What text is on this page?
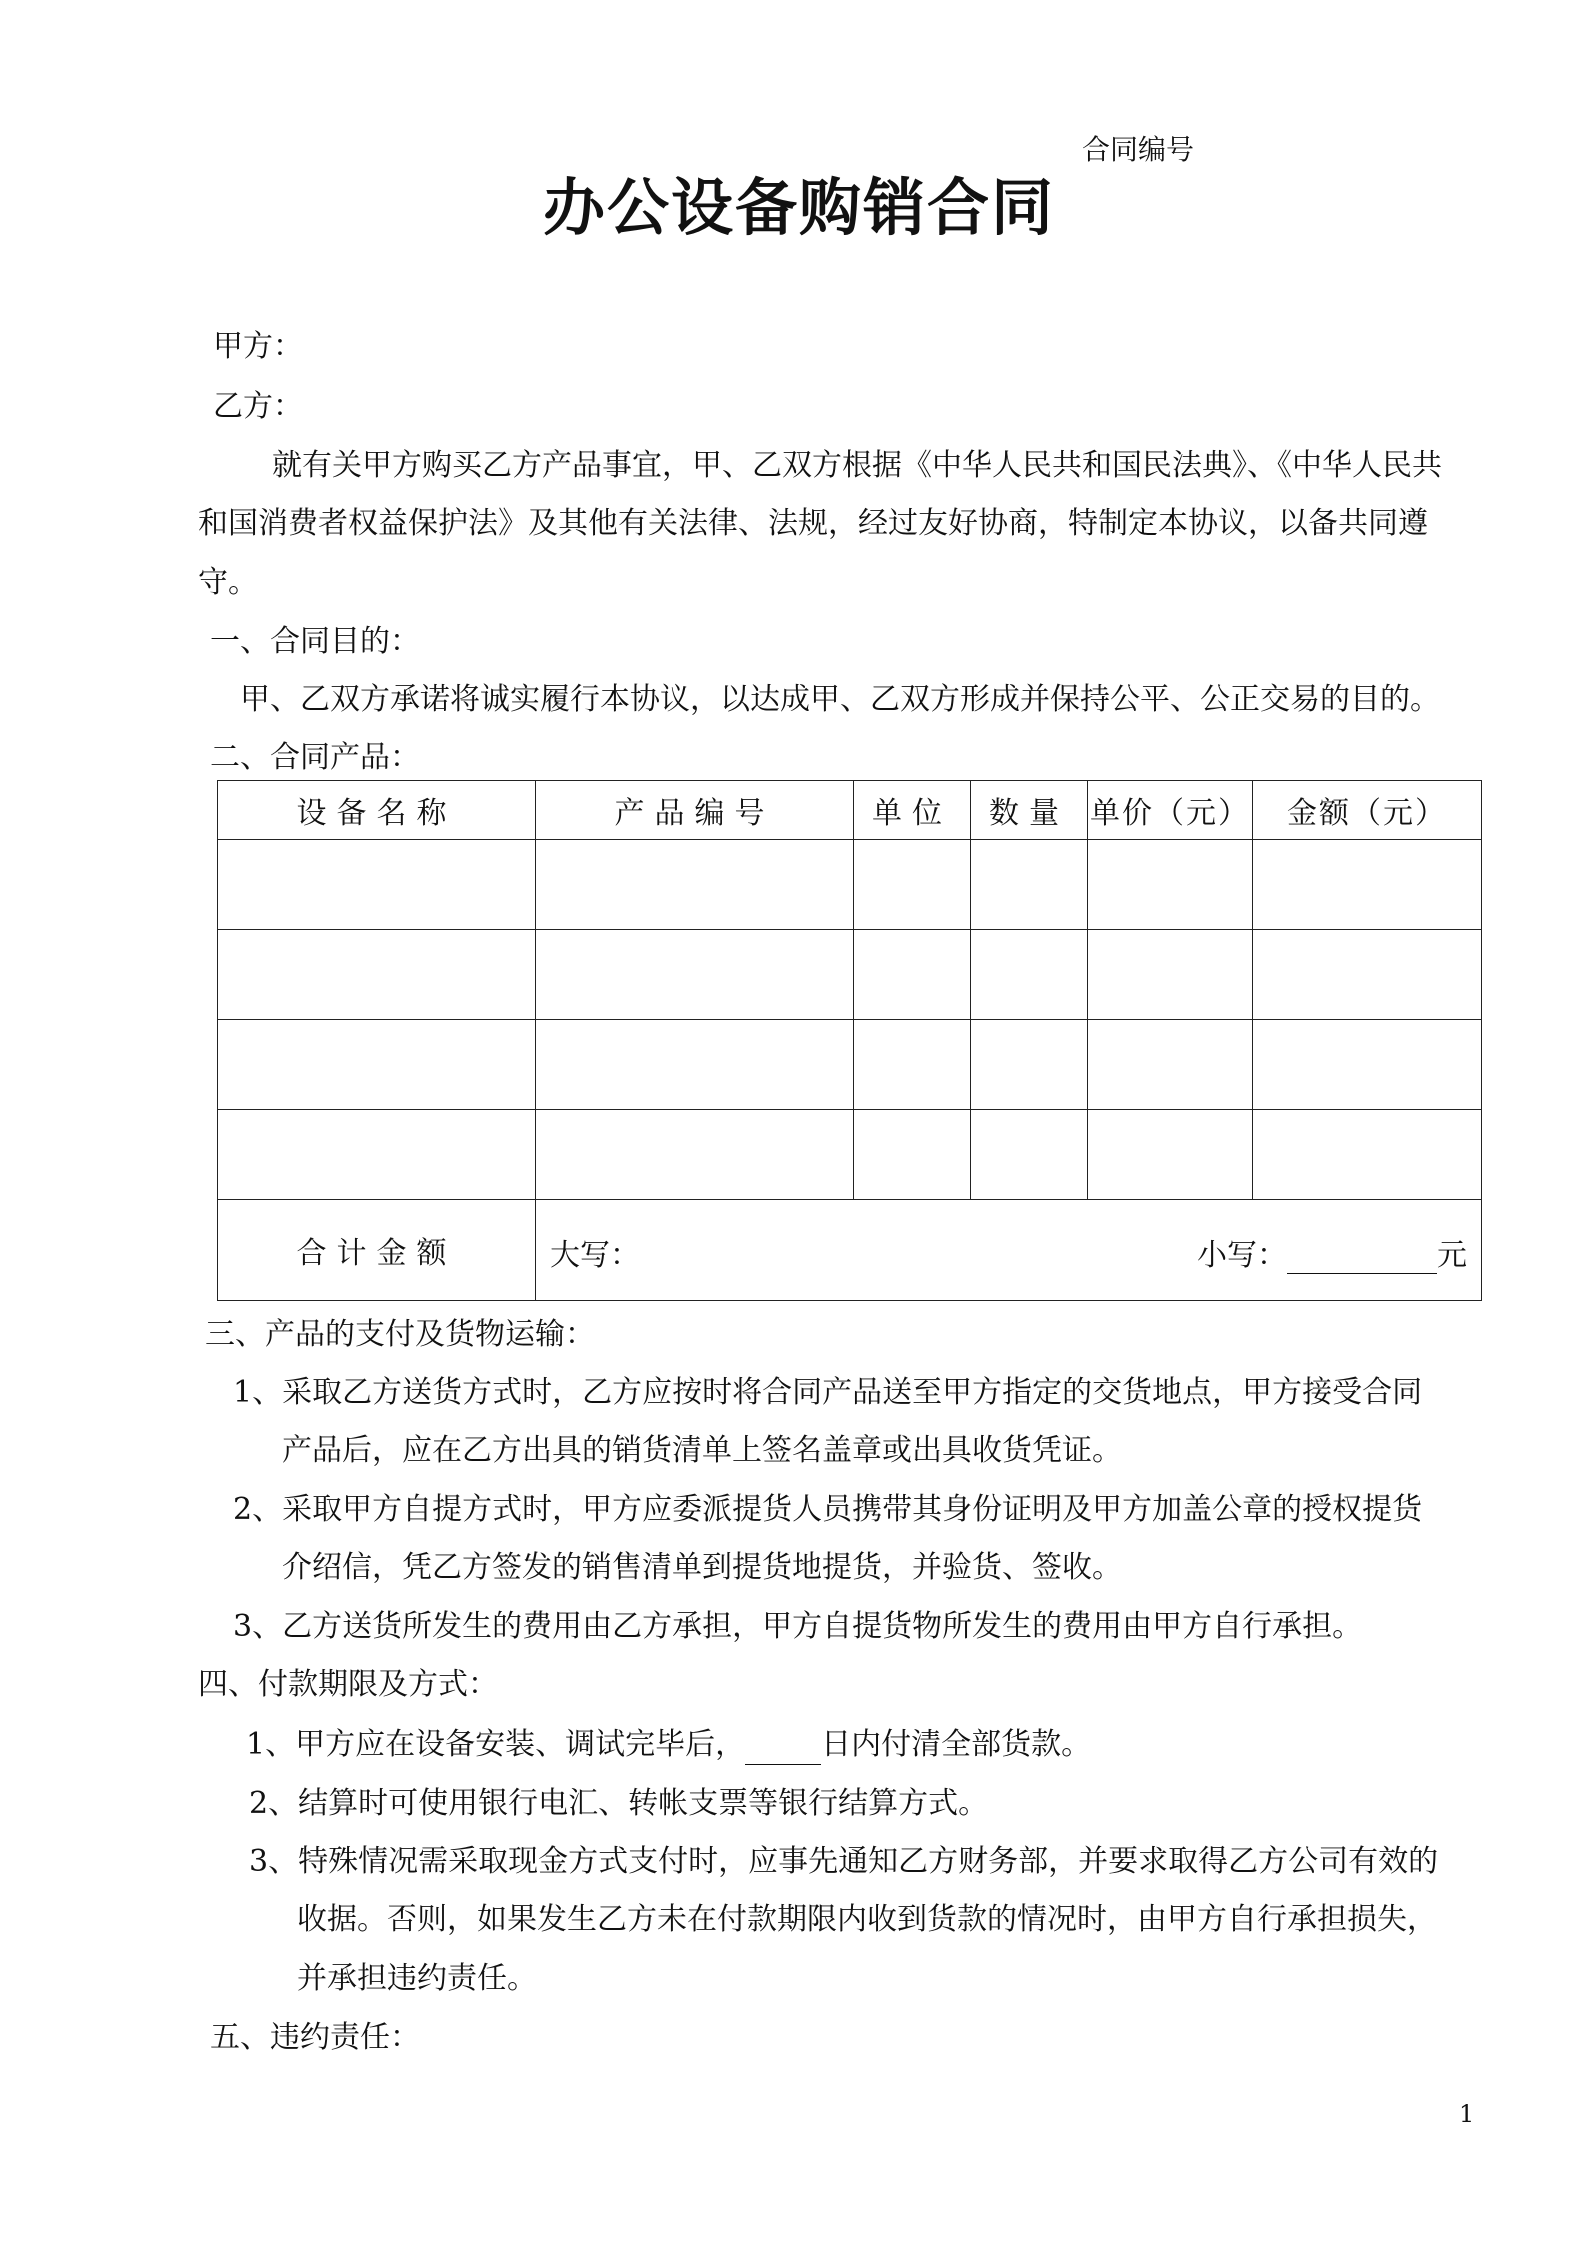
合同编号
办公设备购销合同
甲方：
乙方：
就有关甲方购买乙方产品事宜，甲、乙双方根据《中华人民共和国民法典》、《中华人民共
和国消费者权益保护法》及其他有关法律、法规，经过友好协商，特制定本协议，以备共同遵
守。
一、合同目的：
甲、乙双方承诺将诚实履行本协议，以达成甲、乙双方形成并保持公平、公正交易的目的。
二、合同产品：
设备名称	产品编号	单位	数量	单价（元）	金额（元）

合计金额	大写： 小写： 元				
三、产品的支付及货物运输：
1、采取乙方送货方式时，乙方应按时将合同产品送至甲方指定的交货地点，甲方接受合同
产品后，应在乙方出具的销货清单上签名盖章或出具收货凭证。
2、采取甲方自提方式时，甲方应委派提货人员携带其身份证明及甲方加盖公章的授权提货
介绍信，凭乙方签发的销售清单到提货地提货，并验货、签收。
3、乙方送货所发生的费用由乙方承担，甲方自提货物所发生的费用由甲方自行承担。
四、付款期限及方式：
1、甲方应在设备安装、调试完毕后，	日内付清全部货款。
2、结算时可使用银行电汇、转帐支票等银行结算方式。
3、特殊情况需采取现金方式支付时，应事先通知乙方财务部，并要求取得乙方公司有效的
收据。否则，如果发生乙方未在付款期限内收到货款的情况时，由甲方自行承担损失，
并承担违约责任。
五、违约责任：
1
